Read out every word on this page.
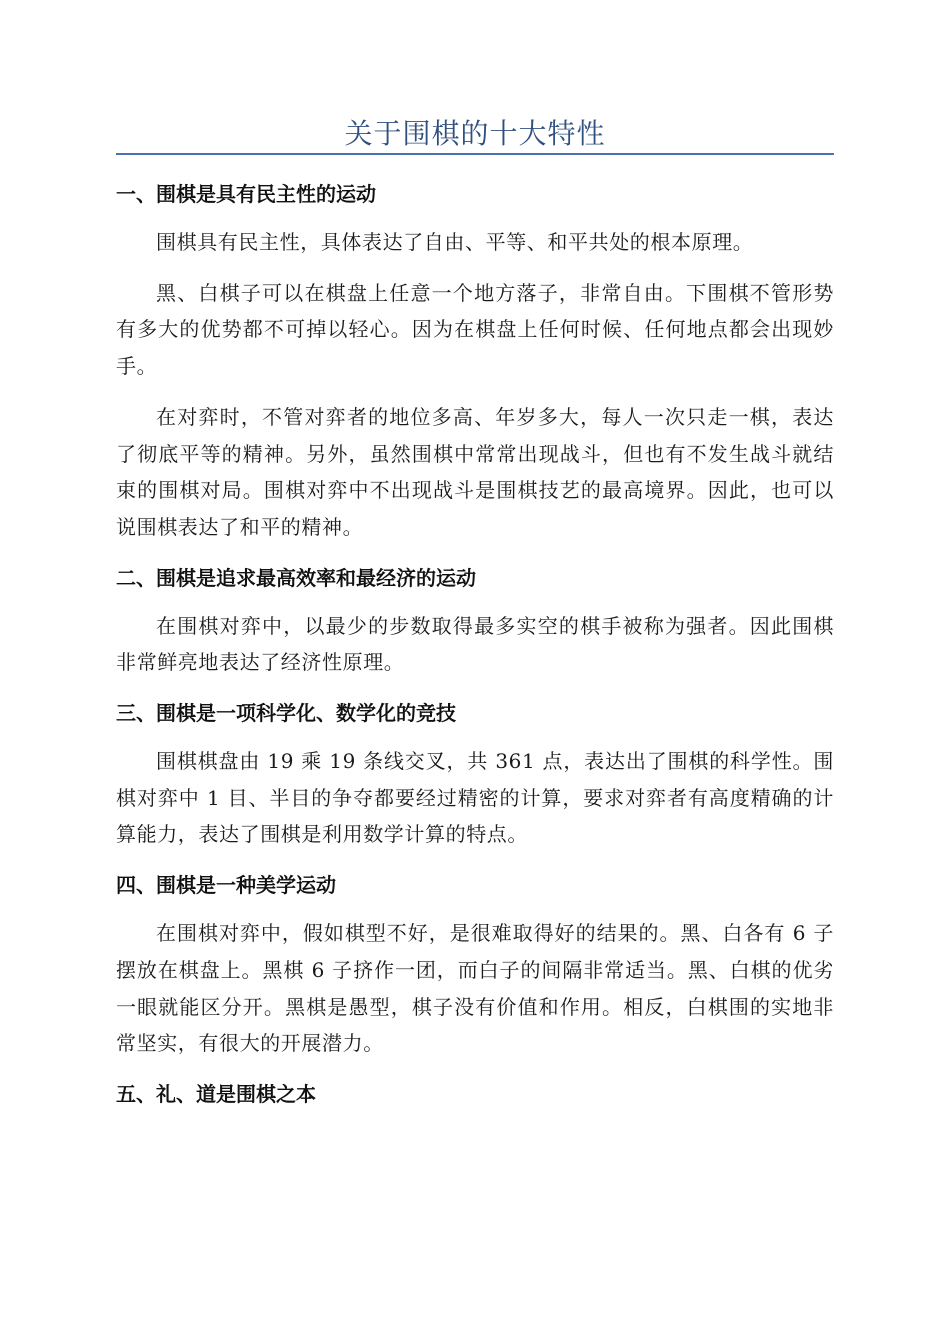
关于围棋的十大特性
一、围棋是具有民主性的运动

围棋具有民主性，具体表达了自由、平等、和平共处的根本原理。

黑、白棋子可以在棋盘上任意一个地方落子，非常自由。下围棋不管形势有多大的优势都不可掉以轻心。因为在棋盘上任何时候、任何地点都会出现妙手。

在对弈时，不管对弈者的地位多高、年岁多大，每人一次只走一棋，表达了彻底平等的精神。另外，虽然围棋中常常出现战斗，但也有不发生战斗就结束的围棋对局。围棋对弈中不出现战斗是围棋技艺的最高境界。因此，也可以说围棋表达了和平的精神。

二、围棋是追求最高效率和最经济的运动

在围棋对弈中，以最少的步数取得最多实空的棋手被称为强者。因此围棋非常鲜亮地表达了经济性原理。

三、围棋是一项科学化、数学化的竞技

围棋棋盘由 19 乘 19 条线交叉，共 361 点，表达出了围棋的科学性。围棋对弈中 1 目、半目的争夺都要经过精密的计算，要求对弈者有高度精确的计算能力，表达了围棋是利用数学计算的特点。

四、围棋是一种美学运动

在围棋对弈中，假如棋型不好，是很难取得好的结果的。黑、白各有 6 子摆放在棋盘上。黑棋 6 子挤作一团，而白子的间隔非常适当。黑、白棋的优劣一眼就能区分开。黑棋是愚型，棋子没有价值和作用。相反，白棋围的实地非常坚实，有很大的开展潜力。

五、礼、道是围棋之本
